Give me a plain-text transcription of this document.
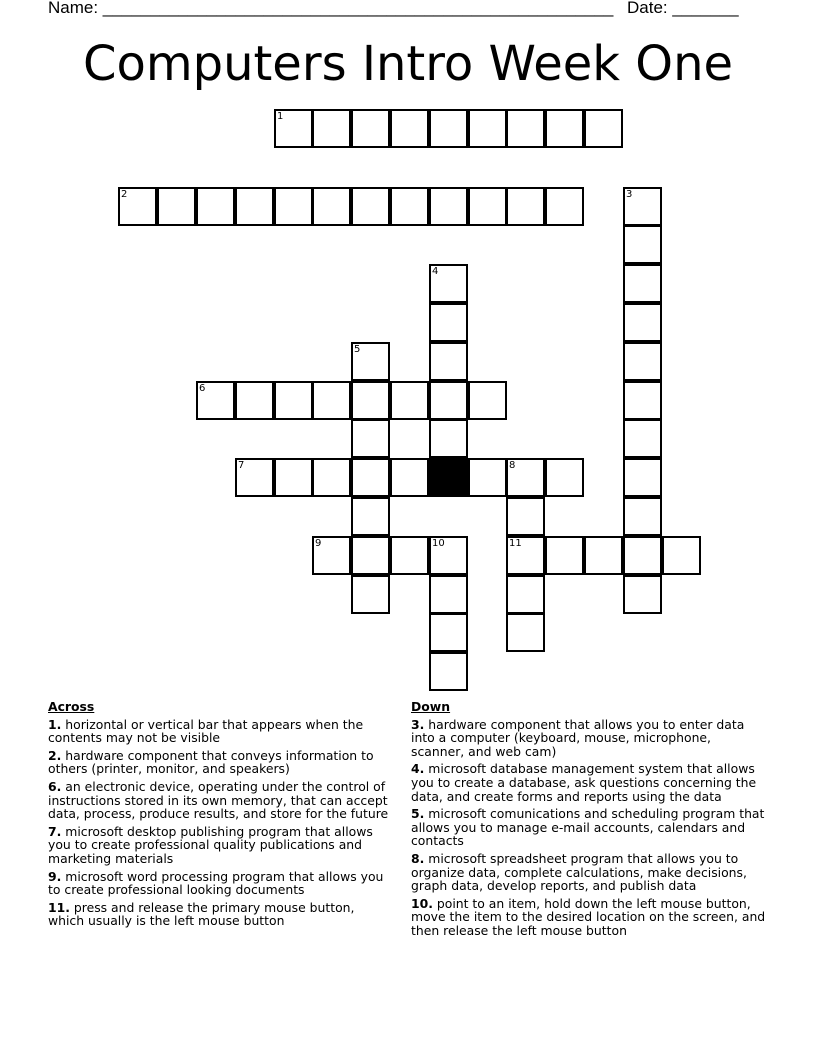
Name: ______________________________________________________ Date: _______
Computers Intro Week One
1
2
6
7	8
9	10	11
3
4
5
Across
1. horizontal or vertical bar that appears when the contents may not be visible
2. hardware component that conveys information to others (printer, monitor, and speakers)
6. an electronic device, operating under the control of instructions stored in its own memory, that can accept data, process, produce results, and store for the future
7. microsoft desktop publishing program that allows you to create professional quality publications and marketing materials
9. microsoft word processing program that allows you to create professional looking documents
11. press and release the primary mouse button, which usually is the left mouse button
Down
3. hardware component that allows you to enter data into a computer (keyboard, mouse, microphone, scanner, and web cam)
4. microsoft database management system that allows you to create a database, ask questions concerning the data, and create forms and reports using the data
5. microsoft comunications and scheduling program that allows you to manage e-mail accounts, calendars and contacts
8. microsoft spreadsheet program that allows you to organize data, complete calculations, make decisions, graph data, develop reports, and publish data
10. point to an item, hold down the left mouse button, move the item to the desired location on the screen, and then release the left mouse button
